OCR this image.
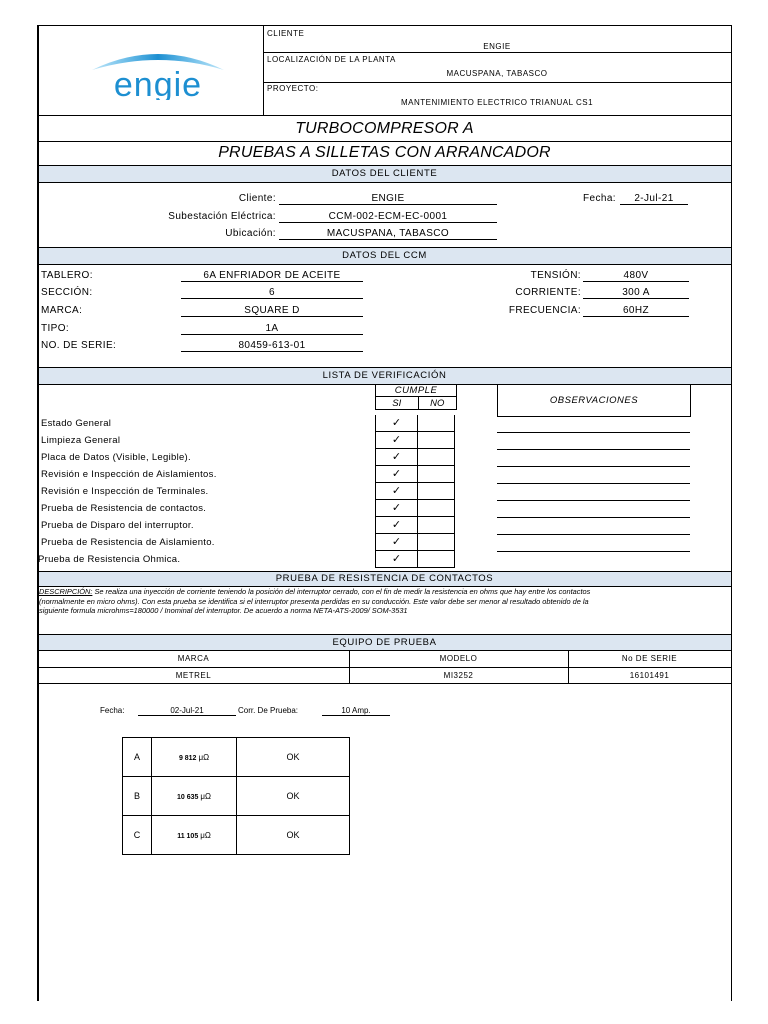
engie
CLIENTE
ENGIE
LOCALIZACIÓN DE LA PLANTA
MACUSPANA, TABASCO
PROYECTO:
MANTENIMIENTO ELECTRICO TRIANUAL CS1
TURBOCOMPRESOR A
PRUEBAS A SILLETAS CON ARRANCADOR
DATOS DEL CLIENTE
Cliente:	ENGIE	Fecha:	2-Jul-21
Subestación Eléctrica:	CCM-002-ECM-EC-0001
Ubicación:	MACUSPANA, TABASCO
DATOS DEL CCM
TABLERO:	6A ENFRIADOR DE ACEITE
SECCIÓN:	6
MARCA:	SQUARE D
TIPO:	1A
NO. DE SERIE:	80459-613-01
TENSIÓN:	480V
CORRIENTE:	300 A
FRECUENCIA:	60HZ
LISTA DE VERIFICACIÓN
CUMPLE
SI	NO	OBSERVACIONES
Estado General	✓
Limpieza General	✓
Placa de Datos (Visible, Legible).	✓
Revisión e Inspección de Aislamientos.	✓
Revisión e Inspección de Terminales.	✓
Prueba de Resistencia de contactos.	✓
Prueba de Disparo del interruptor.	✓
Prueba de Resistencia de Aislamiento.	✓
Prueba de Resistencia Ohmica.	✓
PRUEBA DE RESISTENCIA DE CONTACTOS
DESCRIPCIÓN: Se realiza una inyección de corriente teniendo la posición del interruptor cerrado, con el fin de medir la resistencia en ohms que hay entre los contactos
(normalmente en micro ohms). Con esta prueba se identifica si el interruptor presenta perdidas en su conducción. Este valor debe ser menor al resultado obtenido de la
siguiente formula microhms=180000 / Inominal del interruptor. De acuerdo a norma NETA-ATS-2009/ SOM-3531
EQUIPO DE PRUEBA
MARCA	MODELO	No DE SERIE
METREL	MI3252	16101491
Fecha:	02-Jul-21	Corr. De Prueba:	10 Amp.
A	9 812 μΩ	OK
B	10 635 μΩ	OK
C	11 105 μΩ	OK
